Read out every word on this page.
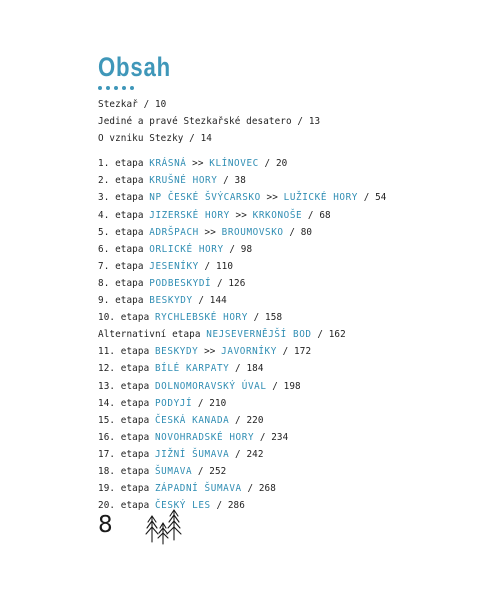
Obsah
Stezkař / 10
Jediné a pravé Stezkařské desatero / 13
O vzniku Stezky / 14
1. etapa KRÁSNÁ >> KLÍNOVEC / 20
2. etapa KRUŠNÉ HORY / 38
3. etapa NP ČESKÉ ŠVÝCARSKO >> LUŽICKÉ HORY / 54
4. etapa JIZERSKÉ HORY >> KRKONOŠE / 68
5. etapa ADRŠPACH >> BROUMOVSKO / 80
6. etapa ORLICKÉ HORY / 98
7. etapa JESENÍKY / 110
8. etapa PODBESKYDÍ / 126
9. etapa BESKYDY / 144
10. etapa RYCHLEBSKÉ HORY / 158
Alternativní etapa NEJSEVERNĚJŠÍ BOD / 162
11. etapa BESKYDY >> JAVORNÍKY / 172
12. etapa BÍLÉ KARPATY / 184
13. etapa DOLNOMORAVSKÝ ÚVAL / 198
14. etapa PODYJÍ / 210
15. etapa ČESKÁ KANADA / 220
16. etapa NOVOHRADSKÉ HORY / 234
17. etapa JIŽNÍ ŠUMAVA / 242
18. etapa ŠUMAVA / 252
19. etapa ZÁPADNÍ ŠUMAVA / 268
20. etapa ČESKÝ LES / 286
8
